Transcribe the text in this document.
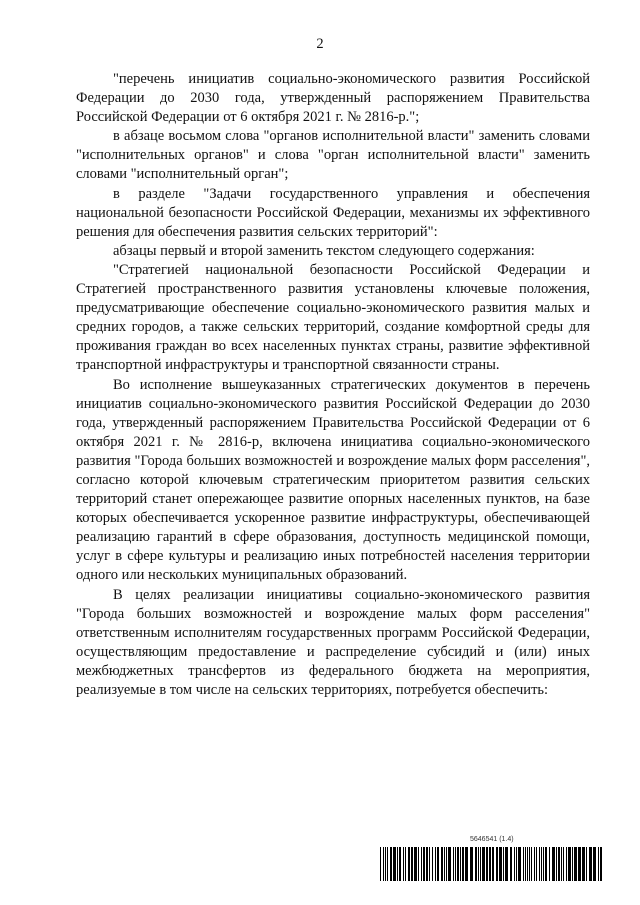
2

"перечень инициатив социально-экономического развития Российской Федерации до 2030 года, утвержденный распоряжением Правительства Российской Федерации от 6 октября 2021 г. № 2816-р.";

в абзаце восьмом слова "органов исполнительной власти" заменить словами "исполнительных органов" и слова "орган исполнительной власти" заменить словами "исполнительный орган";

в разделе "Задачи государственного управления и обеспечения национальной безопасности Российской Федерации, механизмы их эффективного решения для обеспечения развития сельских территорий":

абзацы первый и второй заменить текстом следующего содержания:

"Стратегией национальной безопасности Российской Федерации и Стратегией пространственного развития установлены ключевые положения, предусматривающие обеспечение социально-экономического развития малых и средних городов, а также сельских территорий, создание комфортной среды для проживания граждан во всех населенных пунктах страны, развитие эффективной транспортной инфраструктуры и транспортной связанности страны.

Во исполнение вышеуказанных стратегических документов в перечень инициатив социально-экономического развития Российской Федерации до 2030 года, утвержденный распоряжением Правительства Российской Федерации от 6 октября 2021 г. № 2816-р, включена инициатива социально-экономического развития "Города больших возможностей и возрождение малых форм расселения", согласно которой ключевым стратегическим приоритетом развития сельских территорий станет опережающее развитие опорных населенных пунктов, на базе которых обеспечивается ускоренное развитие инфраструктуры, обеспечивающей реализацию гарантий в сфере образования, доступность медицинской помощи, услуг в сфере культуры и реализацию иных потребностей населения территории одного или нескольких муниципальных образований.

В целях реализации инициативы социально-экономического развития "Города больших возможностей и возрождение малых форм расселения" ответственным исполнителям государственных программ Российской Федерации, осуществляющим предоставление и распределение субсидий и (или) иных межбюджетных трансфертов из федерального бюджета на мероприятия, реализуемые в том числе на сельских территориях, потребуется обеспечить:

5646541 (1.4)
